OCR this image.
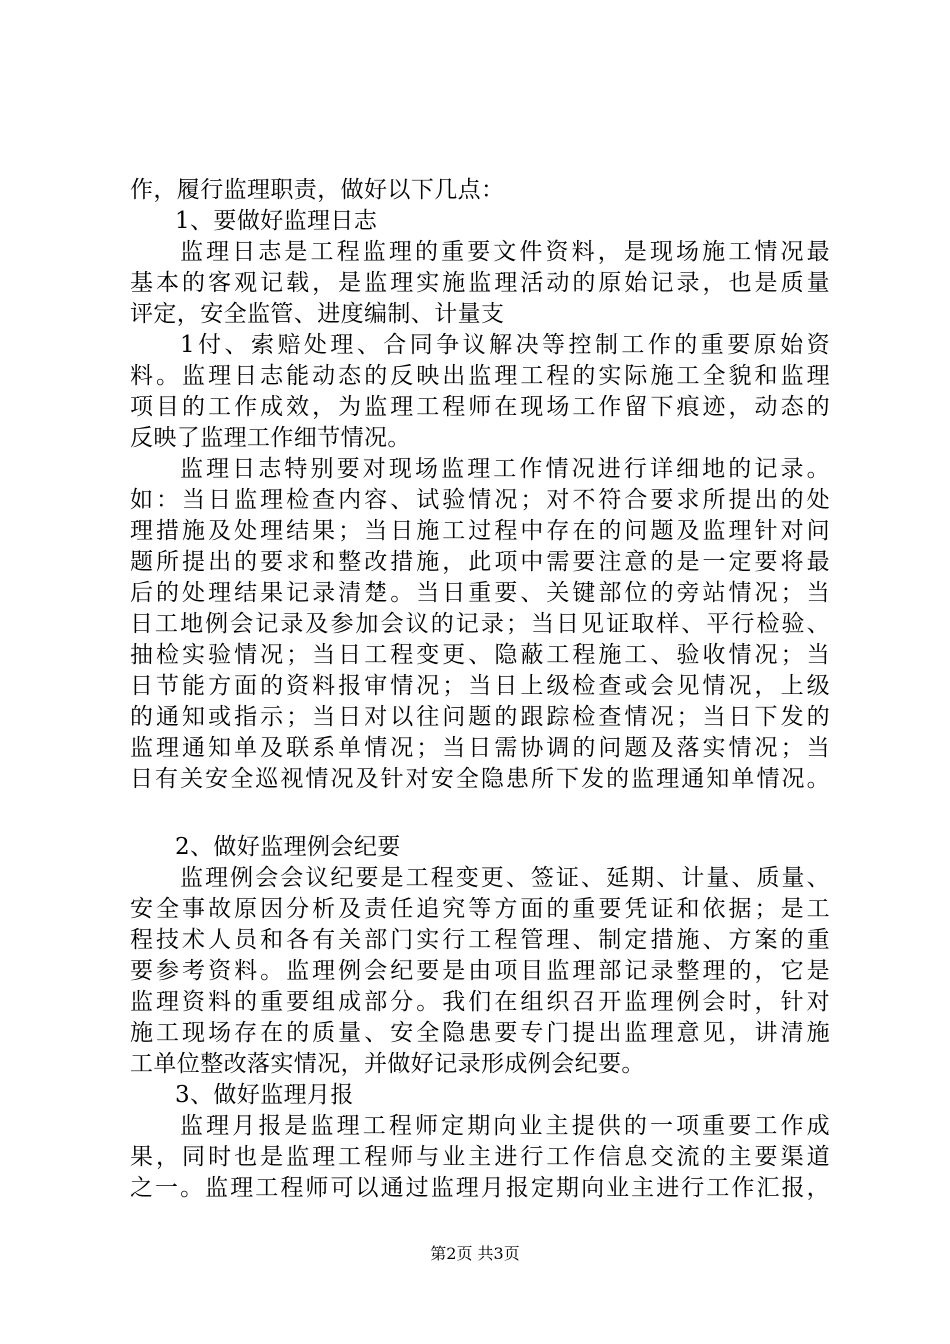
作，履行监理职责，做好以下几点：
1、要做好监理日志
监理日志是工程监理的重要文件资料，是现场施工情况最
基本的客观记载，是监理实施监理活动的原始记录，也是质量
评定，安全监管、进度编制、计量支
1付、索赔处理、合同争议解决等控制工作的重要原始资
料。监理日志能动态的反映出监理工程的实际施工全貌和监理
项目的工作成效，为监理工程师在现场工作留下痕迹，动态的
反映了监理工作细节情况。
监理日志特别要对现场监理工作情况进行详细地的记录。
如：当日监理检查内容、试验情况；对不符合要求所提出的处
理措施及处理结果；当日施工过程中存在的问题及监理针对问
题所提出的要求和整改措施，此项中需要注意的是一定要将最
后的处理结果记录清楚。当日重要、关键部位的旁站情况；当
日工地例会记录及参加会议的记录；当日见证取样、平行检验、
抽检实验情况；当日工程变更、隐蔽工程施工、验收情况；当
日节能方面的资料报审情况；当日上级检查或会见情况，上级
的通知或指示；当日对以往问题的跟踪检查情况；当日下发的
监理通知单及联系单情况；当日需协调的问题及落实情况；当
日有关安全巡视情况及针对安全隐患所下发的监理通知单情况。
2、做好监理例会纪要
监理例会会议纪要是工程变更、签证、延期、计量、质量、
安全事故原因分析及责任追究等方面的重要凭证和依据；是工
程技术人员和各有关部门实行工程管理、制定措施、方案的重
要参考资料。监理例会纪要是由项目监理部记录整理的，它是
监理资料的重要组成部分。我们在组织召开监理例会时，针对
施工现场存在的质量、安全隐患要专门提出监理意见，讲清施
工单位整改落实情况，并做好记录形成例会纪要。
3、做好监理月报
监理月报是监理工程师定期向业主提供的一项重要工作成
果，同时也是监理工程师与业主进行工作信息交流的主要渠道
之一。监理工程师可以通过监理月报定期向业主进行工作汇报，
第2页 共3页
